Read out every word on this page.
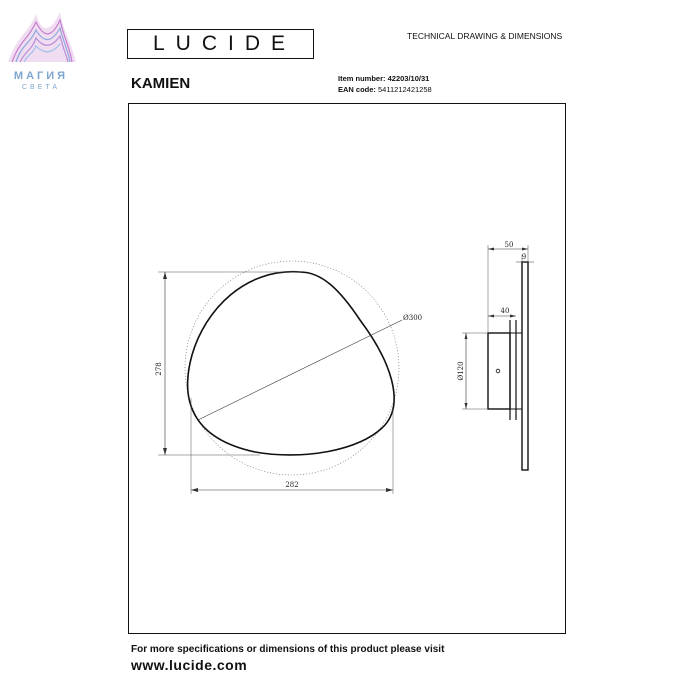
МАГИЯ
СВЕТА
LUCIDE	TECHNICAL DRAWING & DIMENSIONS
KAMIEN	Item number: 42203/10/31
EAN code: 5411212421258
Ø300
278
282
50
9
40
Ø120
For more specifications or dimensions of this product please visit
www.lucide.com
